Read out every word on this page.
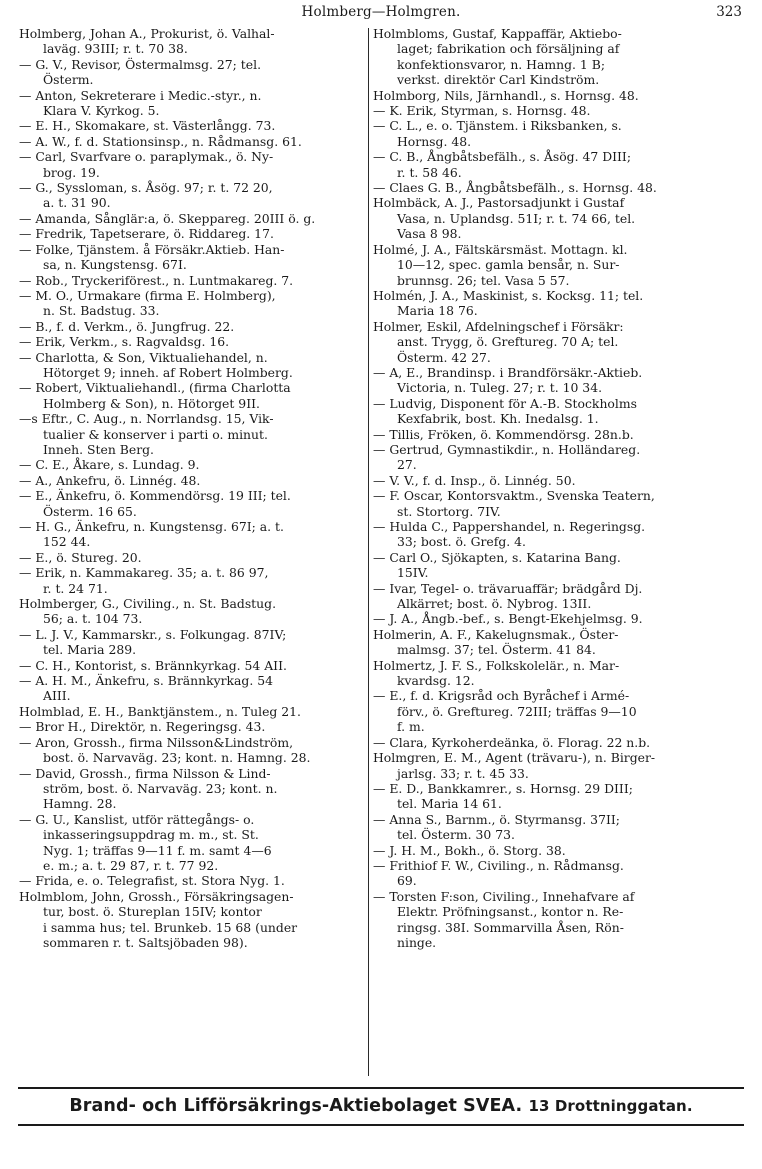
Holmberg—Holmgren.	323
Holmberg, Johan A., Prokurist, ö. Valhal-
laväg. 93III; r. t. 70 38.
— G. V., Revisor, Östermalmsg. 27; tel.
Österm.
— Anton, Sekreterare i Medic.-styr., n.
Klara V. Kyrkog. 5.
— E. H., Skomakare, st. Västerlångg. 73.
— A. W., f. d. Stationsinsp., n. Rådmansg. 61.
— Carl, Svarfvare o. paraplymak., ö. Ny-
brog. 19.
— G., Syssloman, s. Åsög. 97; r. t. 72 20,
a. t. 31 90.
— Amanda, Sånglär:a, ö. Skeppareg. 20III ö. g.
— Fredrik, Tapetserare, ö. Riddareg. 17.
— Folke, Tjänstem. å Försäkr.Aktieb. Han-
sa, n. Kungstensg. 67I.
— Rob., Tryckeriförest., n. Luntmakareg. 7.
— M. O., Urmakare (firma E. Holmberg),
n. St. Badstug. 33.
— B., f. d. Verkm., ö. Jungfrug. 22.
— Erik, Verkm., s. Ragvaldsg. 16.
— Charlotta, & Son, Viktualiehandel, n.
Hötorget 9; inneh. af Robert Holmberg.
— Robert, Viktualiehandl., (firma Charlotta
Holmberg & Son), n. Hötorget 9II.
—s Eftr., C. Aug., n. Norrlandsg. 15, Vik-
tualier & konserver i parti o. minut.
Inneh. Sten Berg.
— C. E., Åkare, s. Lundag. 9.
— A., Ankefru, ö. Linnég. 48.
— E., Änkefru, ö. Kommendörsg. 19 III; tel.
Österm. 16 65.
— H. G., Änkefru, n. Kungstensg. 67I; a. t.
152 44.
— E., ö. Stureg. 20.
— Erik, n. Kammakareg. 35; a. t. 86 97,
r. t. 24 71.
Holmberger, G., Civiling., n. St. Badstug.
56; a. t. 104 73.
— L. J. V., Kammarskr., s. Folkungag. 87IV;
tel. Maria 289.
— C. H., Kontorist, s. Brännkyrkag. 54 AII.
— A. H. M., Änkefru, s. Brännkyrkag. 54
AIII.
Holmblad, E. H., Banktjänstem., n. Tuleg 21.
— Bror H., Direktör, n. Regeringsg. 43.
— Aron, Grossh., firma Nilsson&Lindström,
bost. ö. Narvaväg. 23; kont. n. Hamng. 28.
— David, Grossh., firma Nilsson & Lind-
ström, bost. ö. Narvaväg. 23; kont. n.
Hamng. 28.
— G. U., Kanslist, utför rättegångs- o.
inkasseringsuppdrag m. m., st. St.
Nyg. 1; träffas 9—11 f. m. samt 4—6
e. m.; a. t. 29 87, r. t. 77 92.
— Frida, e. o. Telegrafist, st. Stora Nyg. 1.
Holmblom, John, Grossh., Försäkringsagen-
tur, bost. ö. Stureplan 15IV; kontor
i samma hus; tel. Brunkeb. 15 68 (under
sommaren r. t. Saltsjöbaden 98).
Holmbloms, Gustaf, Kappaffär, Aktiebo-
laget; fabrikation och försäljning af
konfektionsvaror, n. Hamng. 1 B;
verkst. direktör Carl Kindström.
Holmborg, Nils, Järnhandl., s. Hornsg. 48.
— K. Erik, Styrman, s. Hornsg. 48.
— C. L., e. o. Tjänstem. i Riksbanken, s.
Hornsg. 48.
— C. B., Ångbåtsbefälh., s. Åsög. 47 DIII;
r. t. 58 46.
— Claes G. B., Ångbåtsbefälh., s. Hornsg. 48.
Holmbäck, A. J., Pastorsadjunkt i Gustaf
Vasa, n. Uplandsg. 51I; r. t. 74 66, tel.
Vasa 8 98.
Holmé, J. A., Fältskärsmäst. Mottagn. kl.
10—12, spec. gamla bensår, n. Sur-
brunnsg. 26; tel. Vasa 5 57.
Holmén, J. A., Maskinist, s. Kocksg. 11; tel.
Maria 18 76.
Holmer, Eskil, Afdelningschef i Försäkr:
anst. Trygg, ö. Greftureg. 70 A; tel.
Österm. 42 27.
— A, E., Brandinsp. i Brandförsäkr.-Aktieb.
Victoria, n. Tuleg. 27; r. t. 10 34.
— Ludvig, Disponent för A.-B. Stockholms
Kexfabrik, bost. Kh. Inedalsg. 1.
— Tillis, Fröken, ö. Kommendörsg. 28n.b.
— Gertrud, Gymnastikdir., n. Holländareg.
27.
— V. V., f. d. Insp., ö. Linnég. 50.
— F. Oscar, Kontorsvaktm., Svenska Teatern,
st. Stortorg. 7IV.
— Hulda C., Pappershandel, n. Regeringsg.
33; bost. ö. Grefg. 4.
— Carl O., Sjökapten, s. Katarina Bang.
15IV.
— Ivar, Tegel- o. trävaruaffär; brädgård Dj.
Alkärret; bost. ö. Nybrog. 13II.
— J. A., Ångb.-bef., s. Bengt-Ekehjelmsg. 9.
Holmerin, A. F., Kakelugnsmak., Öster-
malmsg. 37; tel. Österm. 41 84.
Holmertz, J. F. S., Folkskolelär., n. Mar-
kvardsg. 12.
— E., f. d. Krigsråd och Byråchef i Armé-
förv., ö. Greftureg. 72III; träffas 9—10
f. m.
— Clara, Kyrkoherdeänka, ö. Florag. 22 n.b.
Holmgren, E. M., Agent (trävaru-), n. Birger-
jarlsg. 33; r. t. 45 33.
— E. D., Bankkamrer., s. Hornsg. 29 DIII;
tel. Maria 14 61.
— Anna S., Barnm., ö. Styrmansg. 37II;
tel. Österm. 30 73.
— J. H. M., Bokh., ö. Storg. 38.
— Frithiof F. W., Civiling., n. Rådmansg.
69.
— Torsten F:son, Civiling., Innehafvare af
Elektr. Pröfningsanst., kontor n. Re-
ringsg. 38I. Sommarvilla Åsen, Rön-
ninge.
Brand- och Lifförsäkrings-Aktiebolaget SVEA. 13 Drottninggatan.
